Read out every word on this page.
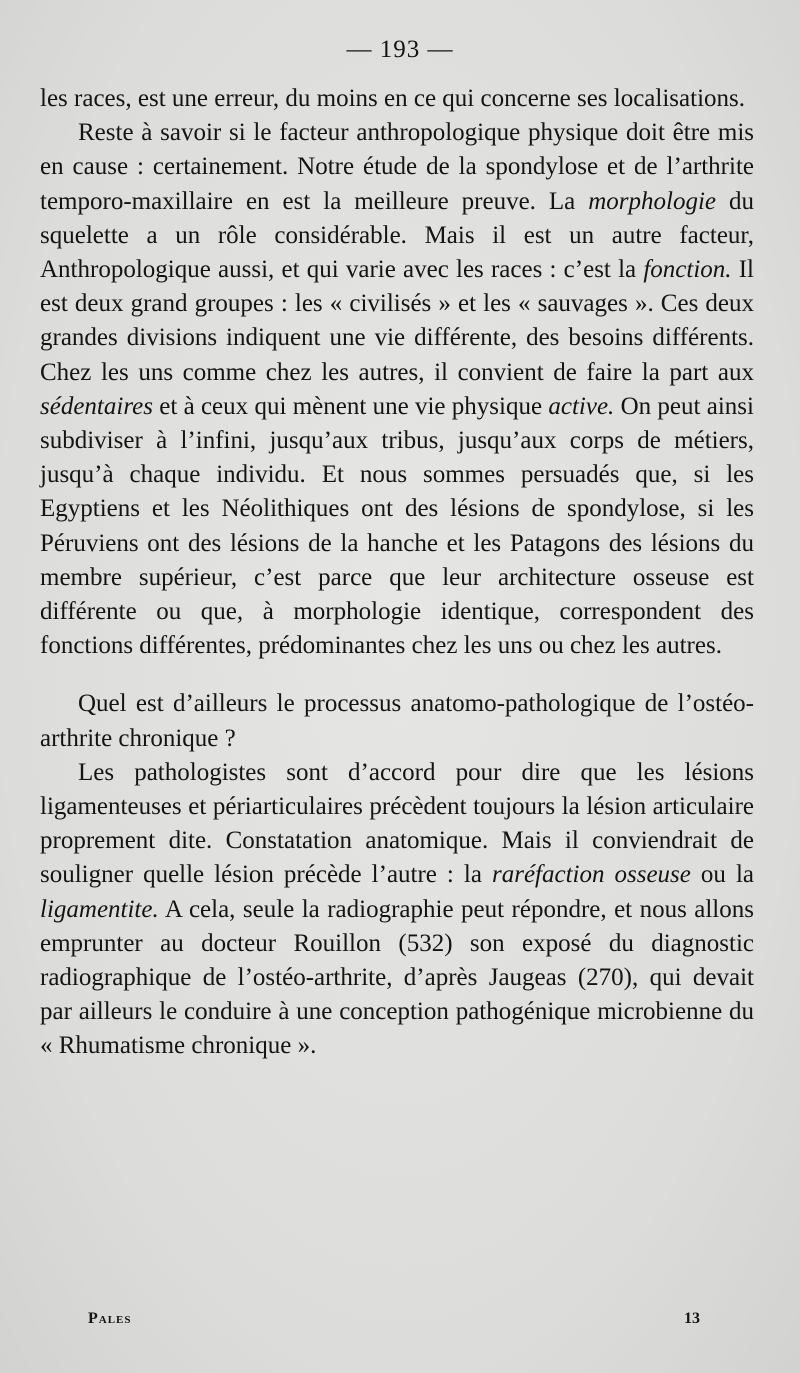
— 193 —

les races, est une erreur, du moins en ce qui concerne ses localisations.

Reste à savoir si le facteur anthropologique physique doit être mis en cause : certainement. Notre étude de la spondylose et de l’arthrite temporo-maxillaire en est la meilleure preuve. La morphologie du squelette a un rôle considérable. Mais il est un autre facteur, Anthropologique aussi, et qui varie avec les races : c’est la fonction. Il est deux grand groupes : les « civilisés » et les « sauvages ». Ces deux grandes divisions indiquent une vie différente, des besoins différents. Chez les uns comme chez les autres, il convient de faire la part aux sédentaires et à ceux qui mènent une vie physique active. On peut ainsi subdiviser à l’infini, jusqu’aux tribus, jusqu’aux corps de métiers, jusqu’à chaque individu. Et nous sommes persuadés que, si les Egyptiens et les Néolithiques ont des lésions de spondylose, si les Péruviens ont des lésions de la hanche et les Patagons des lésions du membre supérieur, c’est parce que leur architecture osseuse est différente ou que, à morphologie identique, correspondent des fonctions différentes, prédominantes chez les uns ou chez les autres.

Quel est d’ailleurs le processus anatomo-pathologique de l’ostéo-arthrite chronique ?

Les pathologistes sont d’accord pour dire que les lésions ligamenteuses et périarticulaires précèdent toujours la lésion articulaire proprement dite. Constatation anatomique. Mais il conviendrait de souligner quelle lésion précède l’autre : la raréfaction osseuse ou la ligamentite. A cela, seule la radiographie peut répondre, et nous allons emprunter au docteur Rouillon (532) son exposé du diagnostic radiographique de l’ostéo-arthrite, d’après Jaugeas (270), qui devait par ailleurs le conduire à une conception pathogénique microbienne du « Rhumatisme chronique ».

Pales	13
